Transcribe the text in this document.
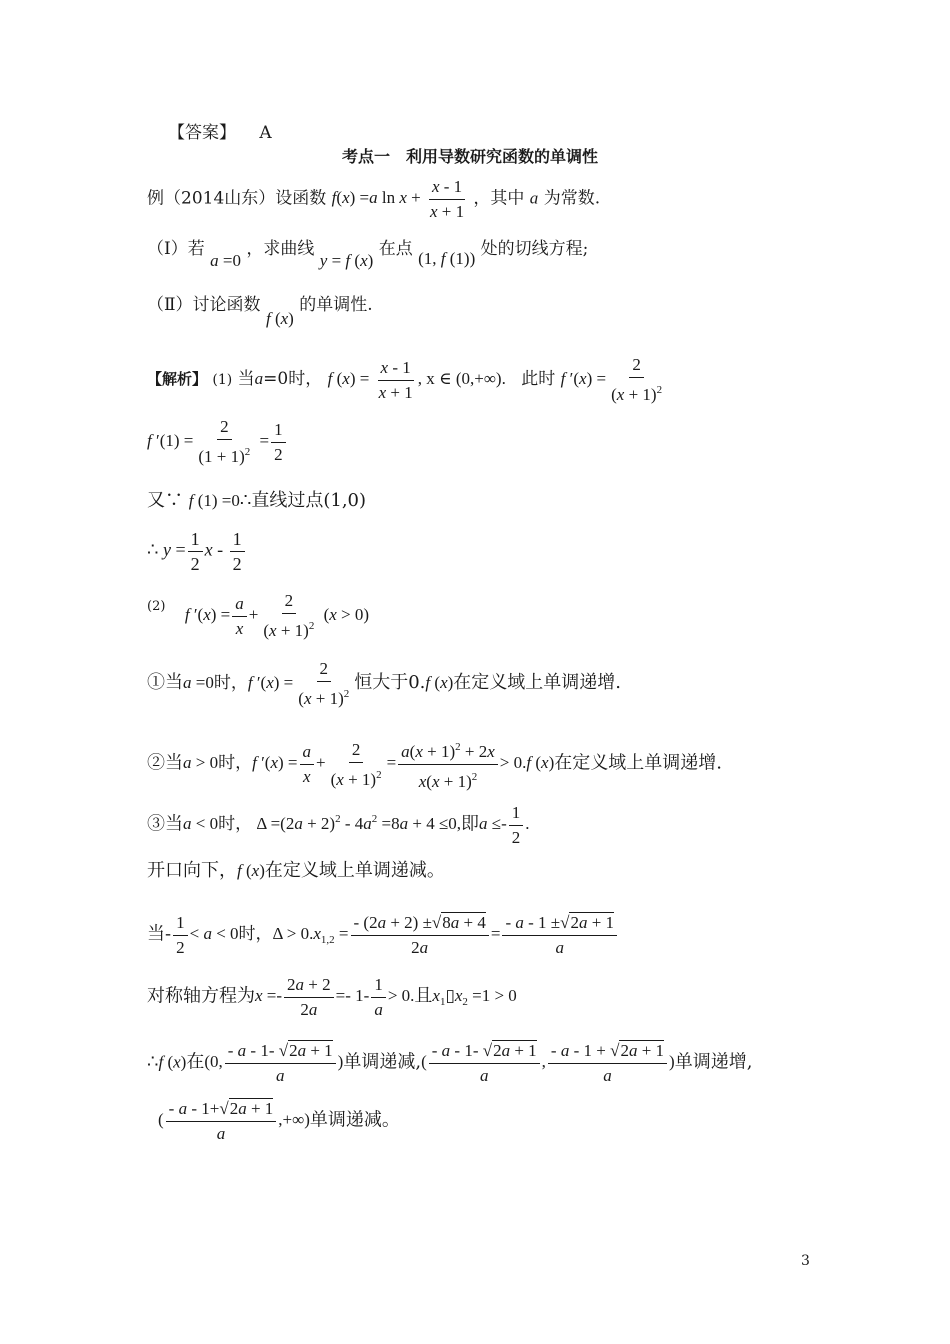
【答案】 A
考点一　利用导数研究函数的单调性
例（2014山东）设函数 f(x) =a $\ln x + \frac{x - 1}{x + 1}$ ，其中 a 为常数.
（Ⅰ）若 a =0 ，求曲线 y = f (x) 在点 (1, f (1)) 处的切线方程;
（Ⅱ）讨论函数 f (x) 的单调性.
【解析】 (1) 当a=0时， f $(x) = \frac{x - 1}{x + 1}$ , x ∈ (0,+∞). 此时 f $'(x) = \frac{2}{(x + 1)^2}$
f $'(1) = \frac{2}{(1 + 1)^2} = \frac{1}{2}$
又∵ f (1) =0∴直线过点(1,0)
∴ $y = \frac{1}{2}$ x - $\frac{1}{2}$
$^{(2)}$ f $'(x) = \frac{a}{x} + \frac{2}{(x + 1)^2} (x > 0)$
①当a =0时，f $'(x) = \frac{2}{(x + 1)^2}$ 恒大于0.f (x)在定义域上单调递增.
②当a > 0时，f $'(x) = \frac{a}{x} + \frac{2}{(x + 1)^2} = \frac{a(x + 1)^2 + 2x}{x(x + 1)^2} > 0.f$ (x)在定义域上单调递增.
③当a < 0时， $\Delta =(2a + 2)^2 - 4a^2 =8a + 4 \le 0$,即$a \le- \frac{1}{2}$ .
开口向下，f (x)在定义域上单调递减。
当- $\frac{1}{2} < a < 0$时，$\Delta > 0.x_{1,2} = \frac{- (2a + 2) \pm√8a + 4}{2a} = \frac{- a - 1 \pm√2a + 1}{a}$
对称轴方程为$x =- \frac{2a + 2}{2a} =- 1- \frac{1}{a} > 0$.且$x_1▯x_2 =1 > 0$
∴f (x)在(0, $\frac{- a - 1- √2a + 1}{a}$ )单调递减,( $\frac{- a - 1- √2a + 1}{a}$ , $\frac{- a - 1 + √2a + 1}{a}$ )单调递增,
( $\frac{- a - 1+√2a + 1}{a}$ ,+∞)单调递减。
3
